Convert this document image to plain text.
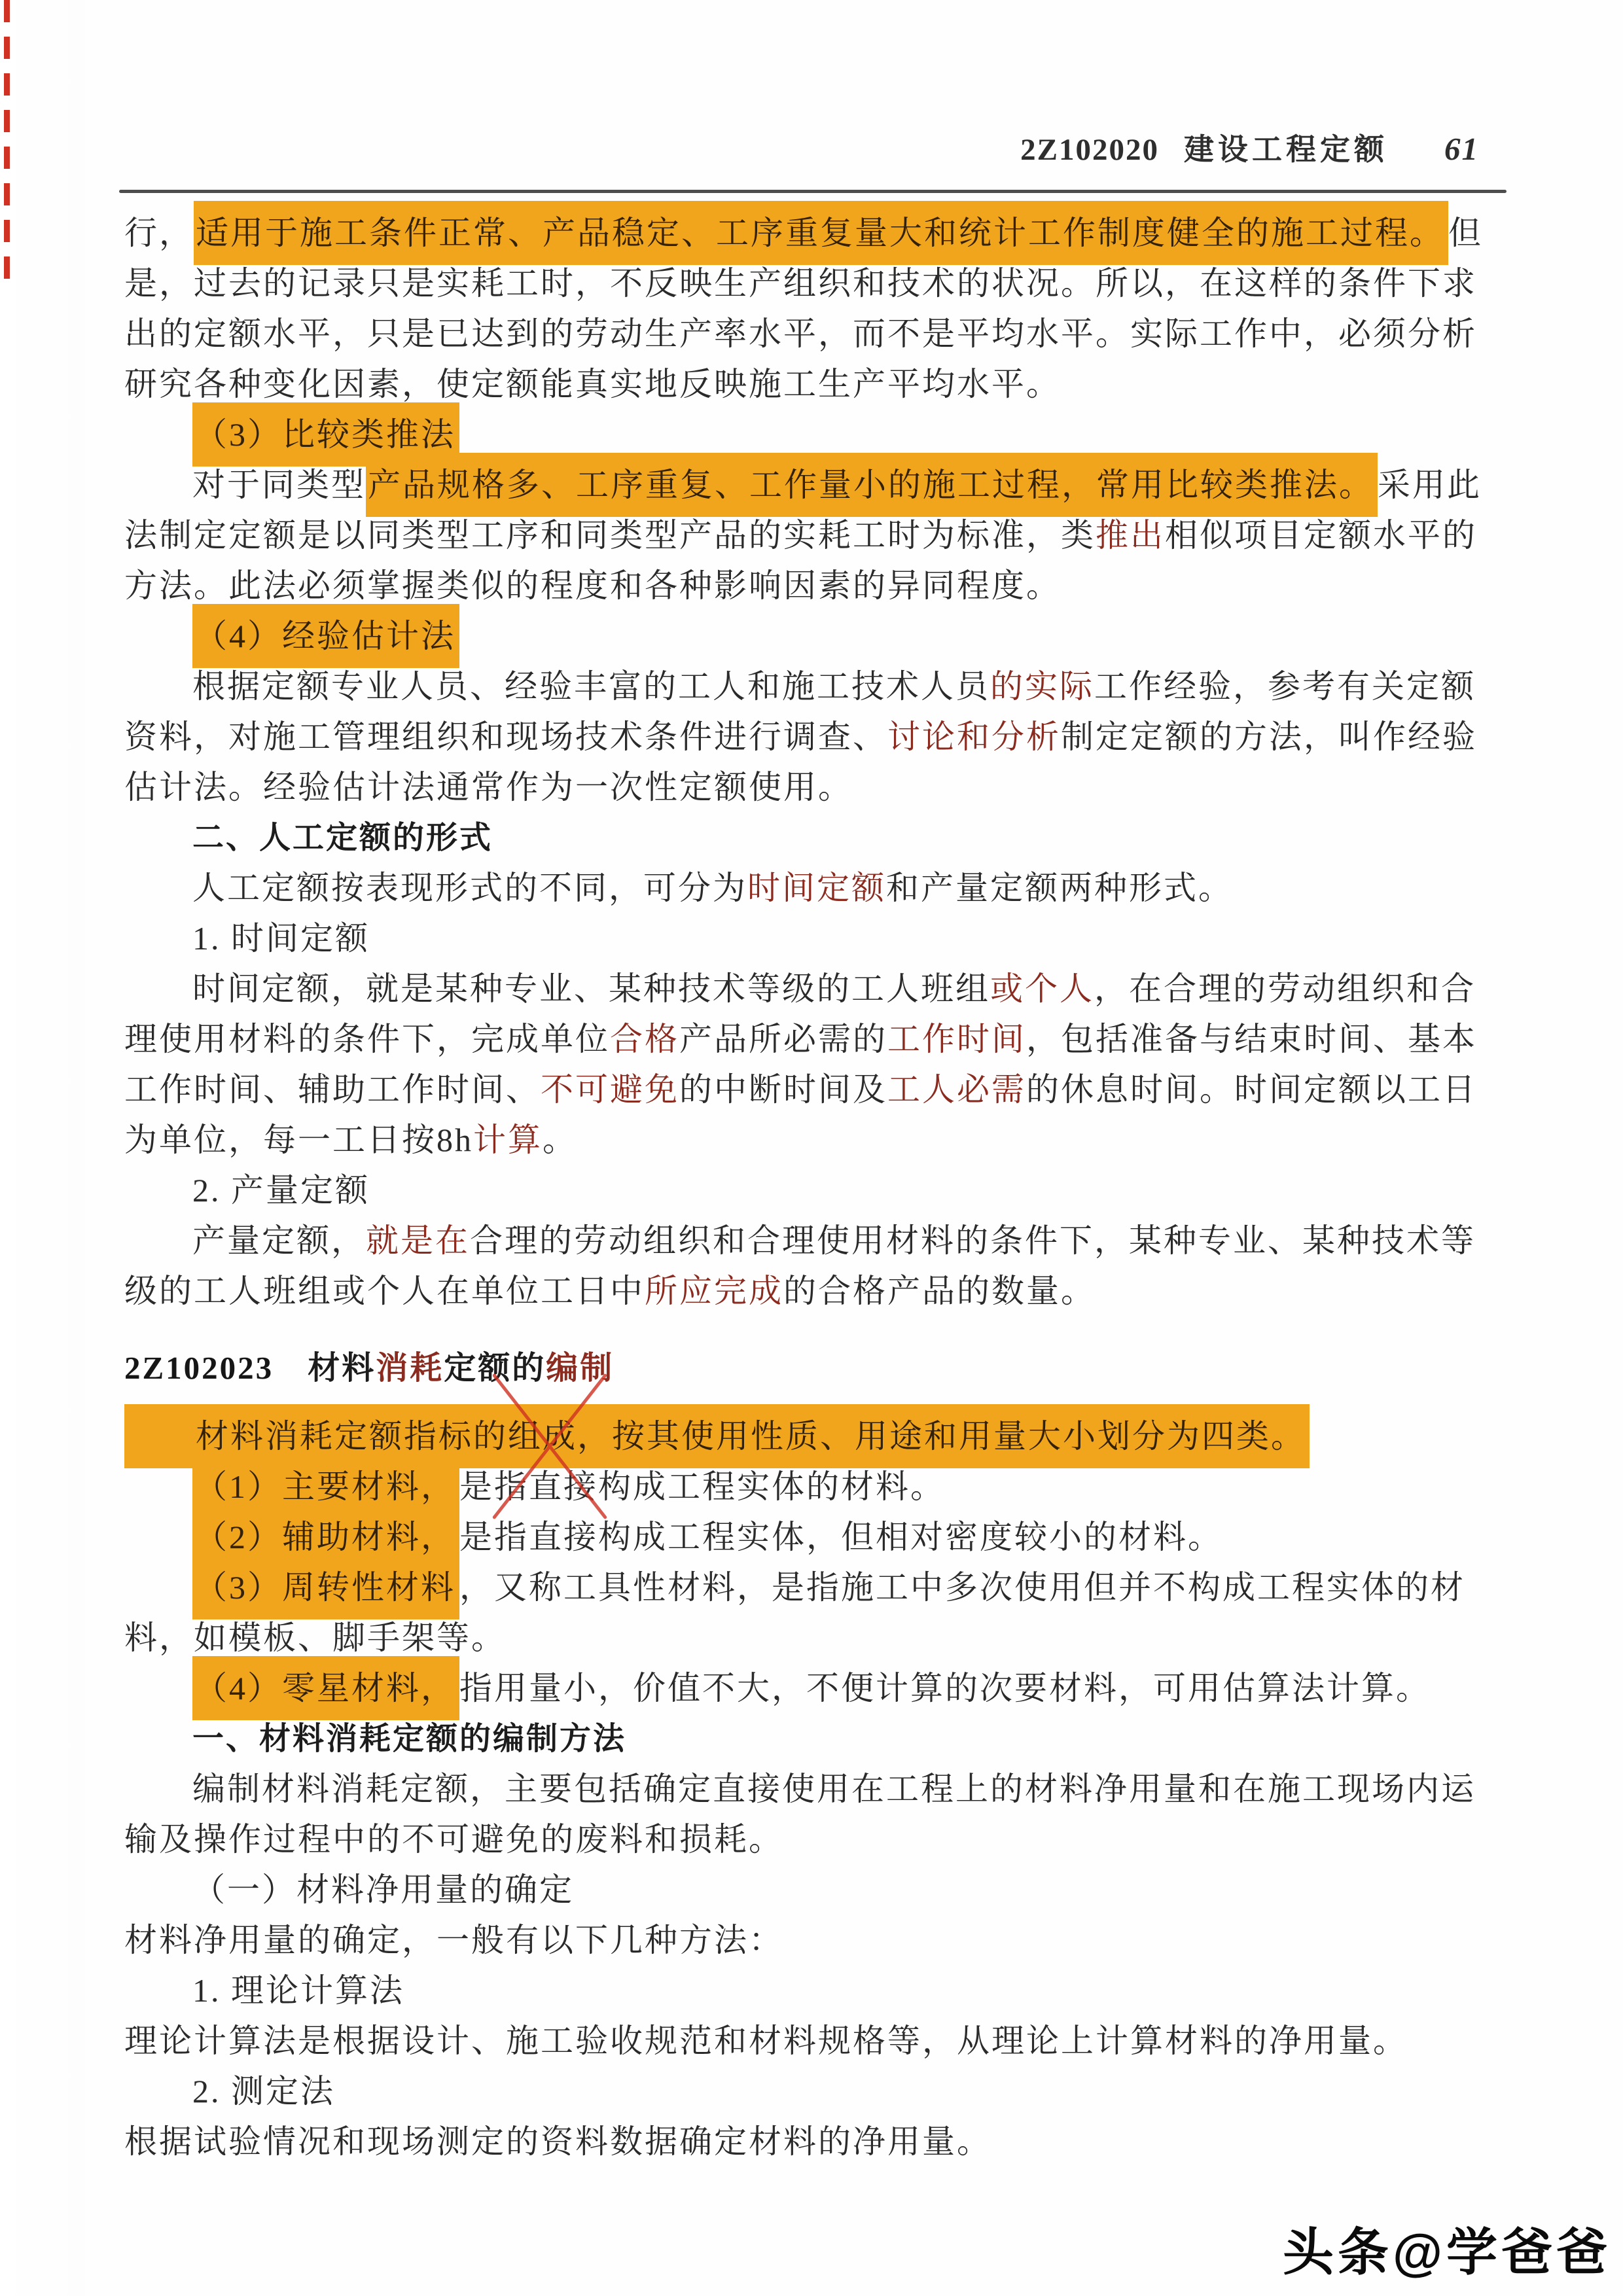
2Z102020 建设工程定额 61
行，适用于施工条件正常、产品稳定、工序重复量大和统计工作制度健全的施工过程。 但
是，过去的记录只是实耗工时，不反映生产组织和技术的状况。所以，在这样的条件下求
出的定额水平，只是已达到的劳动生产率水平，而不是平均水平。实际工作中，必须分析
研究各种变化因素，使定额能真实地反映施工生产平均水平。
（3）比较类推法
对于同类型产品规格多、工序重复、工作量小的施工过程，常用比较类推法。 采用此
法制定定额是以同类型工序和同类型产品的实耗工时为标准，类推出相似项目定额水平的
方法。此法必须掌握类似的程度和各种影响因素的异同程度。
（4）经验估计法
根据定额专业人员、经验丰富的工人和施工技术人员的实际工作经验，参考有关定额
资料，对施工管理组织和现场技术条件进行调查、讨论和分析制定定额的方法，叫作经验
估计法。经验估计法通常作为一次性定额使用。
二、人工定额的形式
人工定额按表现形式的不同，可分为时间定额和产量定额两种形式。
1. 时间定额
时间定额，就是某种专业、某种技术等级的工人班组或个人，在合理的劳动组织和合
理使用材料的条件下，完成单位合格产品所必需的工作时间，包括准备与结束时间、基本
工作时间、辅助工作时间、不可避免的中断时间及工人必需的休息时间。时间定额以工日
为单位，每一工日按8h计算。
2. 产量定额
产量定额，就是在合理的劳动组织和合理使用材料的条件下，某种专业、某种技术等
级的工人班组或个人在单位工日中所应完成的合格产品的数量。
2Z102023　材料消耗定额的编制
　　材料消耗定额指标的组成，按其使用性质、用途和用量大小划分为四类。
（1）主要材料， 是指直接构成工程实体的材料。
（2）辅助材料， 是指直接构成工程实体，但相对密度较小的材料。
（3）周转性材料 ，又称工具性材料，是指施工中多次使用但并不构成工程实体的材
料，如模板、脚手架等。
（4）零星材料， 指用量小，价值不大，不便计算的次要材料，可用估算法计算。
一、材料消耗定额的编制方法
编制材料消耗定额，主要包括确定直接使用在工程上的材料净用量和在施工现场内运
输及操作过程中的不可避免的废料和损耗。
（一）材料净用量的确定
材料净用量的确定，一般有以下几种方法：
1. 理论计算法
理论计算法是根据设计、施工验收规范和材料规格等，从理论上计算材料的净用量。
2. 测定法
根据试验情况和现场测定的资料数据确定材料的净用量。
头条@学爸爸
